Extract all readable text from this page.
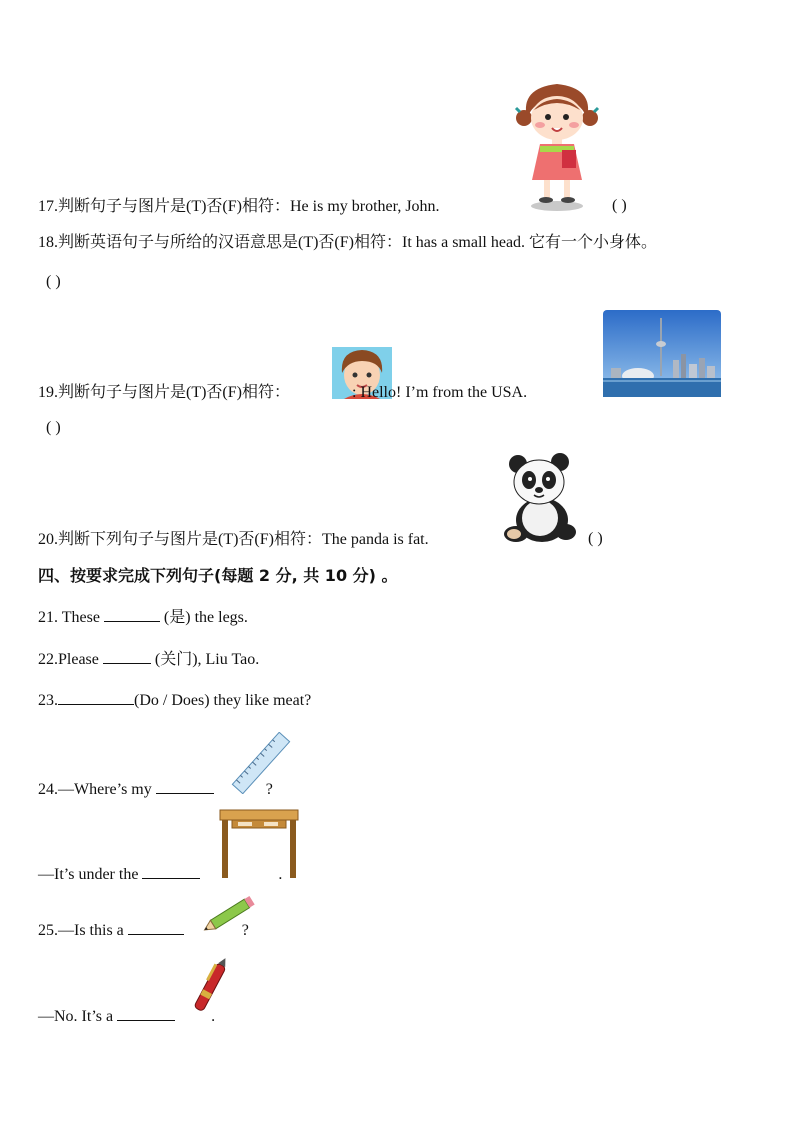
17.判断句子与图片是(T)否(F)相符：He is my brother, John.	( )
18.判断英语句子与所给的汉语意思是(T)否(F)相符：It has a small head. 它有一个小身体。
( )
19.判断句子与图片是(T)否(F)相符：	: Hello! I’m from the USA.
( )
20.判断下列句子与图片是(T)否(F)相符：The panda is fat.	( )
四、按要求完成下列句子(每题 2 分, 共 10 分) 。
21. These	(是) the legs.
22.Please	(关门), Liu Tao.
23.	(Do / Does) they like meat?
24.—Where’s my	?
—It’s under the	.
25.—Is this a	?
—No. It’s a	.
